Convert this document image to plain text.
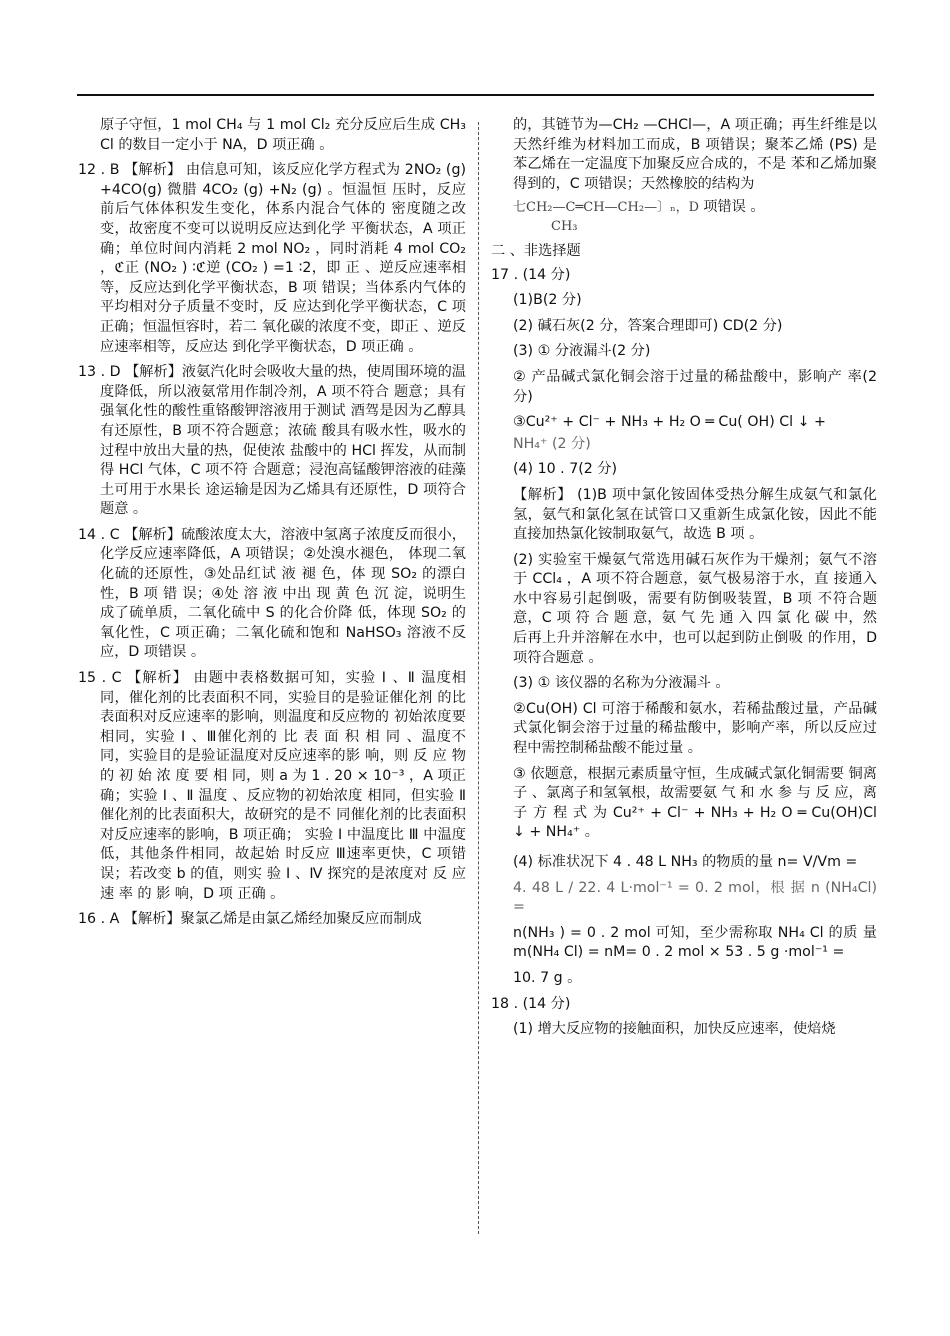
原子守恒，1 mol CH₄ 与 1 mol Cl₂ 充分反应后生成 CH₃ Cl 的数目一定小于 NA，D 项正确 。

12 . B 【解析】 由信息可知，该反应化学方程式为 2NO₂ (g) +4CO(g) 微腊 4CO₂ (g) +N₂ (g) 。恒温恒 压时，反应前后气体体积发生变化，体系内混合气体的 密度随之改变，故密度不变可以说明反应达到化学 平衡状态，A 项正确；单位时间内消耗 2 mol NO₂ ，同时消耗 4 mol CO₂ ，ℭ正 (NO₂ ) ∶ℭ逆 (CO₂ ) =1 ∶2，即 正 、逆反应速率相等，反应达到化学平衡状态，B 项 错误；当体系内气体的平均相对分子质量不变时，反 应达到化学平衡状态，C 项正确；恒温恒容时，若二 氧化碳的浓度不变，即正 、逆反应速率相等，反应达 到化学平衡状态，D 项正确 。

13 . D 【解析】液氨汽化时会吸收大量的热，使周围环境的温度降低，所以液氨常用作制冷剂，A 项不符合 题意；具有强氧化性的酸性重铬酸钾溶液用于测试 酒驾是因为乙醇具有还原性，B 项不符合题意；浓硫 酸具有吸水性，吸水的过程中放出大量的热，促使浓 盐酸中的 HCl 挥发，从而制得 HCl 气体，C 项不符 合题意；浸泡高锰酸钾溶液的硅藻土可用于水果长 途运输是因为乙烯具有还原性，D 项符合题意 。

14 . C 【解析】硫酸浓度太大，溶液中氢离子浓度反而很小，化学反应速率降低，A 项错误；②处溴水褪色， 体现二氧化硫的还原性，③处品红试 液 褪 色，体 现 SO₂ 的漂白性，B 项 错 误；④处 溶 液 中出 现 黄 色 沉 淀，说明生成了硫单质，二氧化硫中 S 的化合价降 低，体现 SO₂ 的氧化性，C 项正确；二氧化硫和饱和 NaHSO₃ 溶液不反应，D 项错误 。

15 . C 【解析】 由题中表格数据可知，实验 Ⅰ 、Ⅱ 温度相 同，催化剂的比表面积不同，实验目的是验证催化剂 的比表面积对反应速率的影响，则温度和反应物的 初始浓度要相同，实验 Ⅰ 、Ⅲ催化剂的 比 表 面 积 相 同 、温度不同，实验目的是验证温度对反应速率的影 响，则 反 应 物 的 初 始 浓 度 要 相 同，则 a 为 1 . 20 × 10⁻³ ，A 项正确；实验 Ⅰ 、Ⅱ 温度 、反应物的初始浓度 相同，但实验 Ⅱ催化剂的比表面积大，故研究的是不 同催化剂的比表面积对反应速率的影响，B 项正确； 实验 Ⅰ 中温度比 Ⅲ 中温度低，其他条件相同，故起始 时反应 Ⅲ速率更快，C 项错误；若改变 b 的值，则实 验 Ⅰ 、Ⅳ 探究的是浓度对 反 应 速 率 的 影 响，D 项 正确 。

16 . A 【解析】聚氯乙烯是由氯乙烯经加聚反应而制成

的，其链节为—CH₂ —CHCl—，A 项正确；再生纤维是以天然纤维为材料加工而成，B 项错误；聚苯乙烯 (PS) 是苯乙烯在一定温度下加聚反应合成的，不是 苯和乙烯加聚得到的，C 项错误；天然橡胶的结构为

七CH₂—C═CH—CH₂—〕ₙ，D 项错误 。
CH₃

二 、非选择题

17 . (14 分)

(1)B(2 分)

(2) 碱石灰(2 分，答案合理即可) CD(2 分)

(3) ① 分液漏斗(2 分)

② 产品碱式氯化铜会溶于过量的稀盐酸中，影响产 率(2 分)

③Cu²⁺ + Cl⁻ + NH₃ + H₂ O ═ Cu( OH) Cl ↓ +

NH₄⁺ (2 分)

(4) 10 . 7(2 分)

【解析】 (1)B 项中氯化铵固体受热分解生成氨气和氯化氢，氨气和氯化氢在试管口又重新生成氯化铵，因此不能直接加热氯化铵制取氨气，故选 B 项 。

(2) 实验室干燥氨气常选用碱石灰作为干燥剂；氨气不溶于 CCl₄ ，A 项不符合题意，氨气极易溶于水，直 接通入水中容易引起倒吸，需要有防倒吸装置，B 项 不符合题意，C 项 符 合 题 意，氨 气 先 通 入 四 氯 化 碳 中，然后再上升并溶解在水中，也可以起到防止倒吸 的作用，D 项符合题意 。

(3) ① 该仪器的名称为分液漏斗 。

②Cu(OH) Cl 可溶于稀酸和氨水，若稀盐酸过量，产品碱式氯化铜会溶于过量的稀盐酸中，影响产率，所以反应过程中需控制稀盐酸不能过量 。

③ 依题意，根据元素质量守恒，生成碱式氯化铜需要 铜离子 、氯离子和氢氧根，故需要氨 气 和 水 参 与 反 应，离 子 方 程 式 为 Cu²⁺ + Cl⁻ + NH₃ + H₂ O ═ Cu(OH)Cl ↓ + NH₄⁺ 。

(4) 标准状况下 4 . 48 L NH₃ 的物质的量 n= V/Vm =

4. 48 L / 22. 4 L·mol⁻¹ = 0. 2 mol，根 据 n (NH₄Cl) =

n(NH₃ ) = 0 . 2 mol 可知，至少需称取 NH₄ Cl 的质 量 m(NH₄ Cl) = nM= 0 . 2 mol × 53 . 5 g ·mol⁻¹ =

10. 7 g 。

18 . (14 分)

(1) 增大反应物的接触面积，加快反应速率，使焙烧
